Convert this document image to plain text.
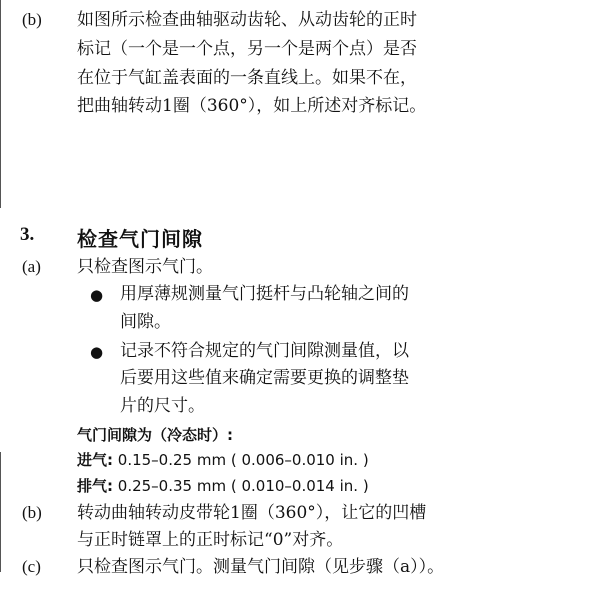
(b) 如图所示检查曲轴驱动齿轮、从动齿轮的正时
标记（一个是一个点，另一个是两个点）是否
在位于气缸盖表面的一条直线上。如果不在，
把曲轴转动1圈（360°），如上所述对齐标记。
3. 检查气门间隙
(a) 只检查图示气门。
● 用厚薄规测量气门挺杆与凸轮轴之间的
间隙。
● 记录不符合规定的气门间隙测量值，以
后要用这些值来确定需要更换的调整垫
片的尺寸。
气门间隙为（冷态时）:
进气: 0.15–0.25 mm ( 0.006–0.010 in. )
排气: 0.25–0.35 mm ( 0.010–0.014 in. )
(b) 转动曲轴转动皮带轮1圈（360°），让它的凹槽
与正时链罩上的正时标记“0”对齐。
(c) 只检查图示气门。测量气门间隙（见步骤（a））。
